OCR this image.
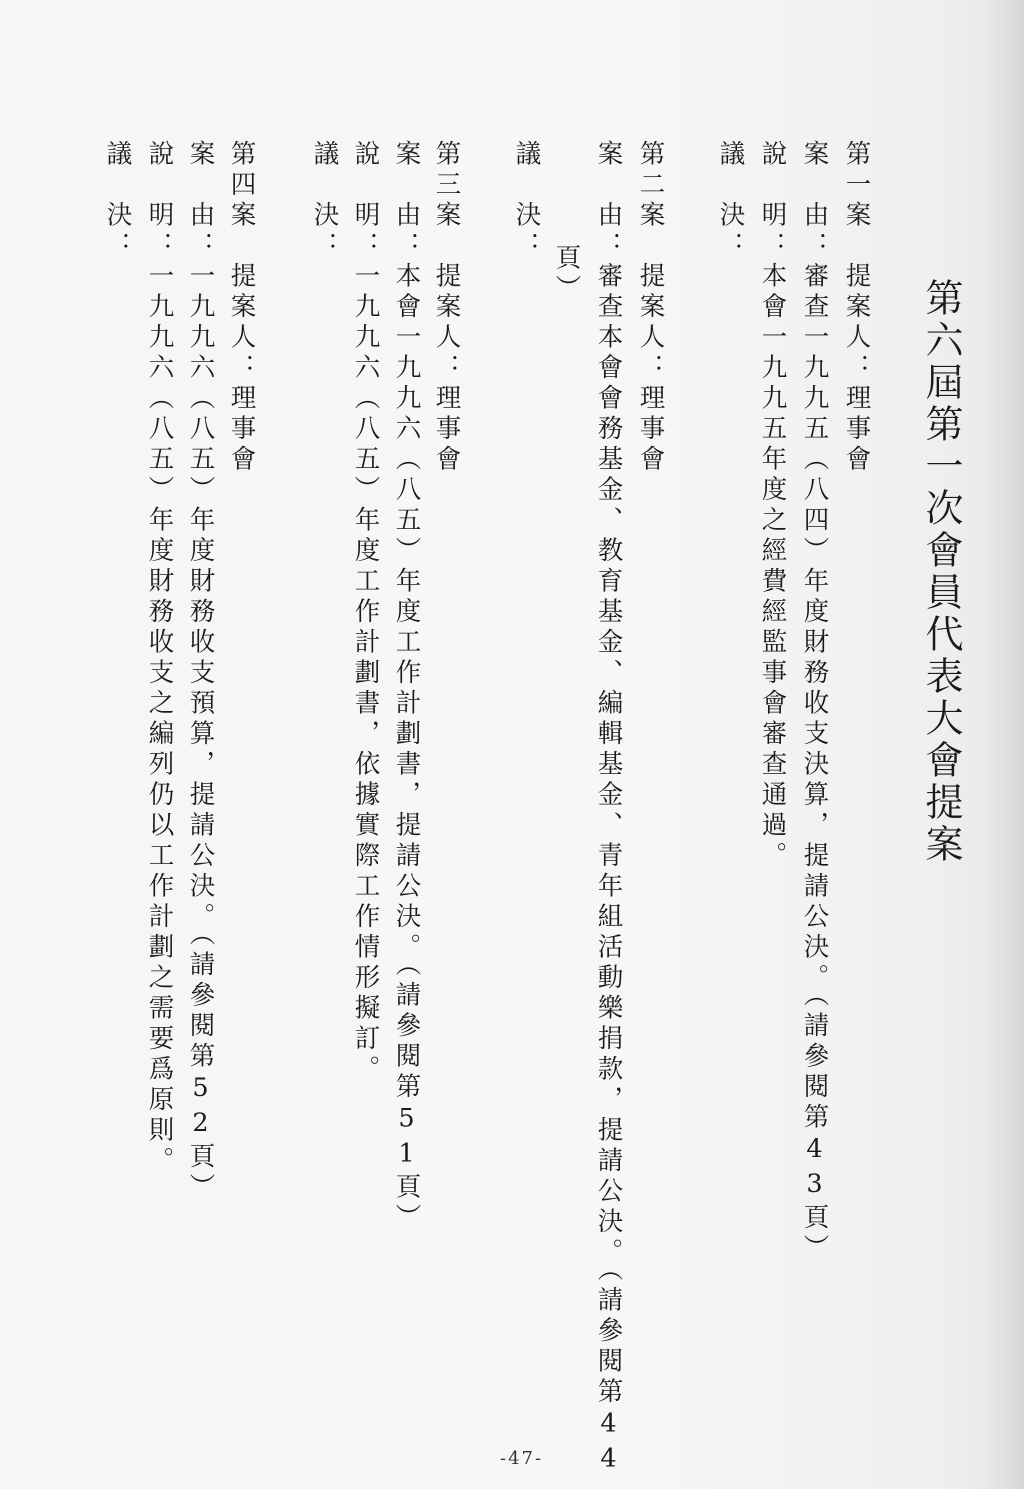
第六屆第一次會員代表大會提案
第一案　提案人：理事會
案　由：審查一九九五（八四）年度財務收支決算，提請公決。（請參閱第43頁）
說　明：本會一九九五年度之經費經監事會審查通過。
議　決：
第二案　提案人：理事會
案　由：審查本會會務基金、教育基金、編輯基金、青年組活動樂捐款，提請公決。（請參閱第44
頁）
議　決：
第三案　提案人：理事會
案　由：本會一九九六（八五）年度工作計劃書，提請公決。（請參閱第51頁）
說　明：一九九六（八五）年度工作計劃書，依據實際工作情形擬訂。
議　決：
第四案　提案人：理事會
案　由：一九九六（八五）年度財務收支預算，提請公決。（請參閱第52頁）
說　明：一九九六（八五）年度財務收支之編列仍以工作計劃之需要爲原則。
議　決：
-47-
